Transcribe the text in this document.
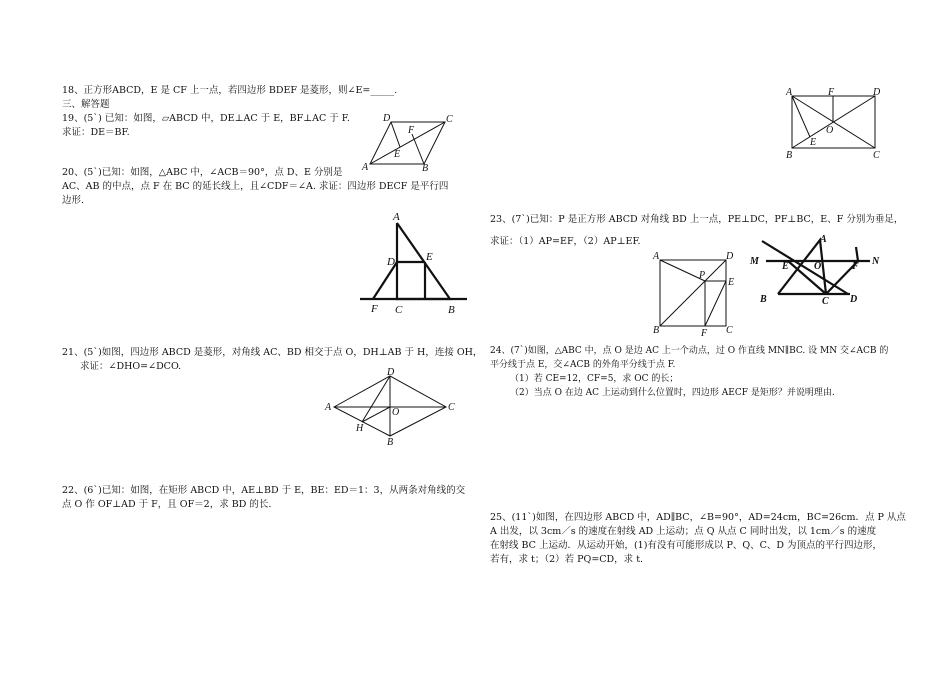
18、正方形ABCD，E 是 CF 上一点，若四边形 BDEF 是菱形，则∠E=_____.
三、解答题
19、(5`) 已知：如图，▱ABCD 中，DE⊥AC 于 E，BF⊥AC 于 F.
求证：DE＝BF.
A	B
C
D
E
F
20、(5`)已知：如图，△ABC 中，∠ACB＝90°，点 D、E 分别是
AC、AB 的中点，点 F 在 BC 的延长线上，且∠CDF＝∠A. 求证：四边形 DECF 是平行四
边形.
A
D	E
F C	B
21、(5`)如图，四边形 ABCD 是菱形，对角线 AC、BD 相交于点 O，DH⊥AB 于 H，连接 OH，
求证：∠DHO=∠DCO.
A
D
C
B
H
O
22、(6`)已知：如图，在矩形 ABCD 中，AE⊥BD 于 E，BE：ED＝1：3，从两条对角线的交
点 O 作 OF⊥AD 于 F，且 OF＝2，求 BD 的长.
A	F	D
O
E
B	C
23、(7`)已知：P 是正方形 ABCD 对角线 BD 上一点，PE⊥DC，PF⊥BC，E、F 分别为垂足，
求证：（1）AP=EF，（2）AP⊥EF.
A	D
P
E
B	F C
M
A
E	O	F N
B	C D
24、(7`)如图，△ABC 中，点 O 是边 AC 上一个动点，过 O 作直线 MN∥BC. 设 MN 交∠ACB 的
平分线于点 E，交∠ACB 的外角平分线于点 F.
（1）若 CE=12，CF=5，求 OC 的长；
（2）当点 O 在边 AC 上运动到什么位置时，四边形 AECF 是矩形？并说明理由.
25、(11`)如图，在四边形 ABCD 中，AD∥BC，∠B=90°，AD=24cm，BC=26cm．点 P 从点
A 出发，以 3cm／s 的速度在射线 AD 上运动；点 Q 从点 C 同时出发，以 1cm／s 的速度
在射线 BC 上运动．从运动开始，(1)有没有可能形成以 P、Q、C、D 为顶点的平行四边形，
若有，求 t；（2）若 PQ=CD，求 t.
